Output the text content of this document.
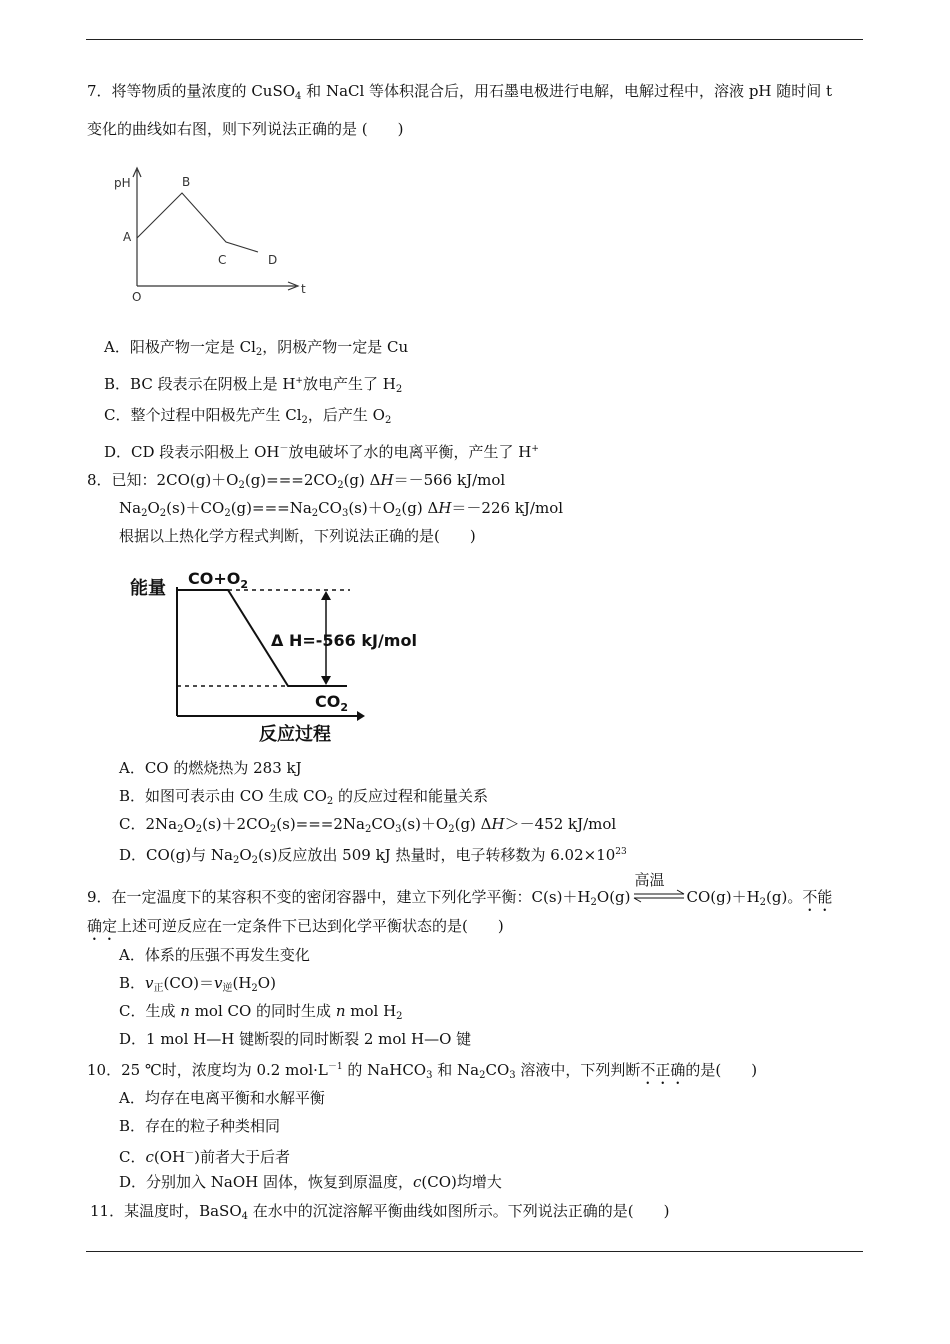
7．将等物质的量浓度的 CuSO$_4$ 和 NaCl 等体积混合后，用石墨电极进行电解，电解过程中，溶液 pH 随时间 t
变化的曲线如右图，则下列说法正确的是 (　　)
pH
O
t
A
B
C	D
A．阳极产物一定是 $Cl_2$，阴极产物一定是 Cu
B．BC 段表示在阴极上是 H+放电产生了 $H_2$
C．整个过程中阳极先产生 $Cl_2$，后产生 $O_2$
D．CD 段表示阳极上 OH－放电破坏了水的电离平衡，产生了 H+
8．已知：$2CO(g)+O_2(g)===2CO_2(g)$ ΔH＝－566 kJ/mol
$Na_2O_2(s)+CO_2(g)===Na_2CO_3(s)+O_2(g)$ ΔH＝－226 kJ/mol
根据以上热化学方程式判断，下列说法正确的是(　　)
能量 $CO+O_2$
Δ H=-566 kJ/mol
$CO_2$
反应过程
A．CO 的燃烧热为 283 kJ
B．如图可表示由 CO 生成 $CO_2$ 的反应过程和能量关系
C．$2Na_2O_2(s)+2CO_2(s)===2Na_2CO_3(s)+O_2(g)$ ΔH＞－452 kJ/mol
D．CO(g)与 $Na_2O_2(s)$反应放出 509 kJ 热量时，电子转移数为 $6.02\times 10^{23}$
9．在一定温度下的某容积不变的密闭容器中，建立下列化学平衡：$C(s)+H_2O(g)$
高温
$CO(g)+H_2(g)$。不能
确定上述可逆反应在一定条件下已达到化学平衡状态的是(　　)
A．体系的压强不再发生变化
B．$v_正(CO)=v_逆(H_2O)$
C．生成 n mol CO 的同时生成 n mol $H_2$
D．1 mol H—H 键断裂的同时断裂 2 mol H—O 键
10．25 ℃时，浓度均为 0.2 $mol\cdot L^{-1}$ 的 NaHCO$_3$ 和 $Na_2CO_3$ 溶液中，下列判断不正确的是(　　)
A．均存在电离平衡和水解平衡
B．存在的粒子种类相同
C．c(OH－)前者大于后者
D．分别加入 NaOH 固体，恢复到原温度，c(CO)均增大
11．某温度时，BaSO$_4$ 在水中的沉淀溶解平衡曲线如图所示。下列说法正确的是(　　)
